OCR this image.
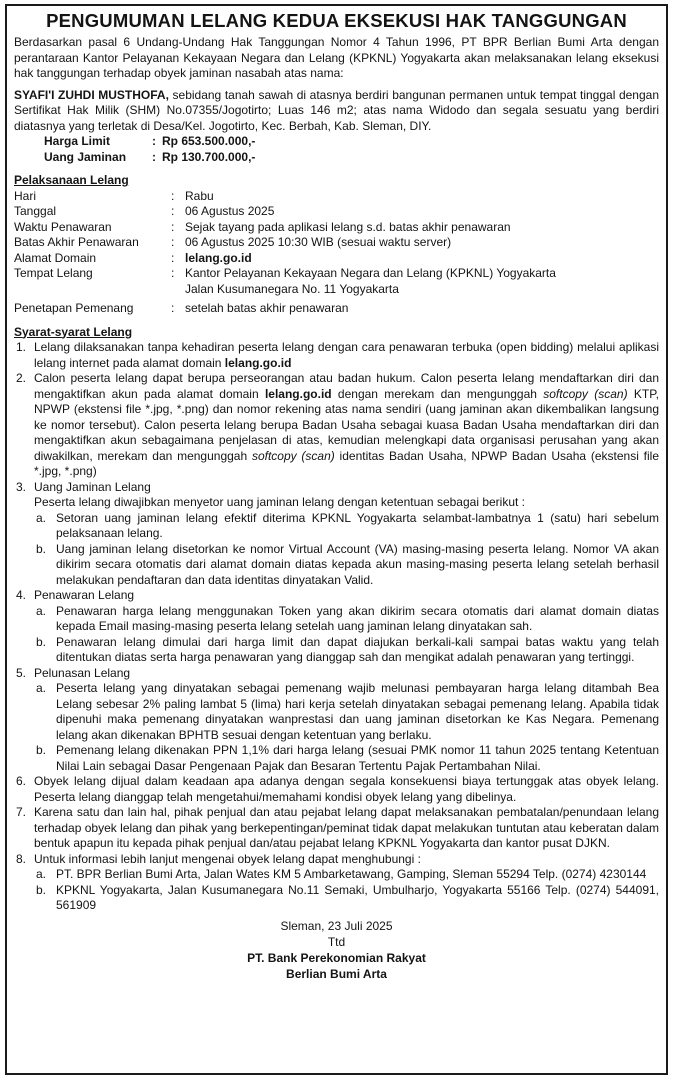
PENGUMUMAN LELANG KEDUA EKSEKUSI HAK TANGGUNGAN

Berdasarkan pasal 6 Undang-Undang Hak Tanggungan Nomor 4 Tahun 1996, PT BPR Berlian Bumi Arta dengan perantaraan Kantor Pelayanan Kekayaan Negara dan Lelang (KPKNL) Yogyakarta akan melaksanakan lelang eksekusi hak tanggungan terhadap obyek jaminan nasabah atas nama:

SYAFI'I ZUHDI MUSTHOFA, sebidang tanah sawah di atasnya berdiri bangunan permanen untuk tempat tinggal dengan Sertifikat Hak Milik (SHM) No.07355/Jogotirto; Luas 146 m2; atas nama Widodo dan segala sesuatu yang berdiri diatasnya yang terletak di Desa/Kel. Jogotirto, Kec. Berbah, Kab. Sleman, DIY.

Harga Limit	: Rp 653.500.000,-
Uang Jaminan	: Rp 130.700.000,-
Pelaksanaan Lelang
Hari	: Rabu
Tanggal	: 06 Agustus 2025
Waktu Penawaran	: Sejak tayang pada aplikasi lelang s.d. batas akhir penawaran
Batas Akhir Penawaran	: 06 Agustus 2025 10:30 WIB (sesuai waktu server)
Alamat Domain	: lelang.go.id
Tempat Lelang	: Kantor Pelayanan Kekayaan Negara dan Lelang (KPKNL) Yogyakarta
Jalan Kusumanegara No. 11 Yogyakarta
Penetapan Pemenang	: setelah batas akhir penawaran
Syarat-syarat Lelang
1. Lelang dilaksanakan tanpa kehadiran peserta lelang dengan cara penawaran terbuka (open bidding) melalui aplikasi lelang internet pada alamat domain lelang.go.id
2. Calon peserta lelang dapat berupa perseorangan atau badan hukum. Calon peserta lelang mendaftarkan diri dan mengaktifkan akun pada alamat domain lelang.go.id dengan merekam dan mengunggah softcopy (scan) KTP, NPWP (ekstensi file *.jpg, *.png) dan nomor rekening atas nama sendiri (uang jaminan akan dikembalikan langsung ke nomor tersebut). Calon peserta lelang berupa Badan Usaha sebagai kuasa Badan Usaha mendaftarkan diri dan mengaktifkan akun sebagaimana penjelasan di atas, kemudian melengkapi data organisasi perusahan yang akan diwakilkan, merekam dan mengunggah softcopy (scan) identitas Badan Usaha, NPWP Badan Usaha (ekstensi file *.jpg, *.png)
3. Uang Jaminan Lelang
Peserta lelang diwajibkan menyetor uang jaminan lelang dengan ketentuan sebagai berikut :
a. Setoran uang jaminan lelang efektif diterima KPKNL Yogyakarta selambat-lambatnya 1 (satu) hari sebelum pelaksanaan lelang.
b. Uang jaminan lelang disetorkan ke nomor Virtual Account (VA) masing-masing peserta lelang. Nomor VA akan dikirim secara otomatis dari alamat domain diatas kepada akun masing-masing peserta lelang setelah berhasil melakukan pendaftaran dan data identitas dinyatakan Valid.
4. Penawaran Lelang
a. Penawaran harga lelang menggunakan Token yang akan dikirim secara otomatis dari alamat domain diatas kepada Email masing-masing peserta lelang setelah uang jaminan lelang dinyatakan sah.
b. Penawaran lelang dimulai dari harga limit dan dapat diajukan berkali-kali sampai batas waktu yang telah ditentukan diatas serta harga penawaran yang dianggap sah dan mengikat adalah penawaran yang tertinggi.
5. Pelunasan Lelang
a. Peserta lelang yang dinyatakan sebagai pemenang wajib melunasi pembayaran harga lelang ditambah Bea Lelang sebesar 2% paling lambat 5 (lima) hari kerja setelah dinyatakan sebagai pemenang lelang. Apabila tidak dipenuhi maka pemenang dinyatakan wanprestasi dan uang jaminan disetorkan ke Kas Negara. Pemenang lelang akan dikenakan BPHTB sesuai dengan ketentuan yang berlaku.
b. Pemenang lelang dikenakan PPN 1,1% dari harga lelang (sesuai PMK nomor 11 tahun 2025 tentang Ketentuan Nilai Lain sebagai Dasar Pengenaan Pajak dan Besaran Tertentu Pajak Pertambahan Nilai.
6. Obyek lelang dijual dalam keadaan apa adanya dengan segala konsekuensi biaya tertunggak atas obyek lelang. Peserta lelang dianggap telah mengetahui/memahami kondisi obyek lelang yang dibelinya.
7. Karena satu dan lain hal, pihak penjual dan atau pejabat lelang dapat melaksanakan pembatalan/penundaan lelang terhadap obyek lelang dan pihak yang berkepentingan/peminat tidak dapat melakukan tuntutan atau keberatan dalam bentuk apapun itu kepada pihak penjual dan/atau pejabat lelang KPKNL Yogyakarta dan kantor pusat DJKN.
8. Untuk informasi lebih lanjut mengenai obyek lelang dapat menghubungi :
a. PT. BPR Berlian Bumi Arta, Jalan Wates KM 5 Ambarketawang, Gamping, Sleman 55294 Telp. (0274) 4230144
b. KPKNL Yogyakarta, Jalan Kusumanegara No.11 Semaki, Umbulharjo, Yogyakarta 55166 Telp. (0274) 544091, 561909
Sleman, 23 Juli 2025
Ttd
PT. Bank Perekonomian Rakyat
Berlian Bumi Arta
